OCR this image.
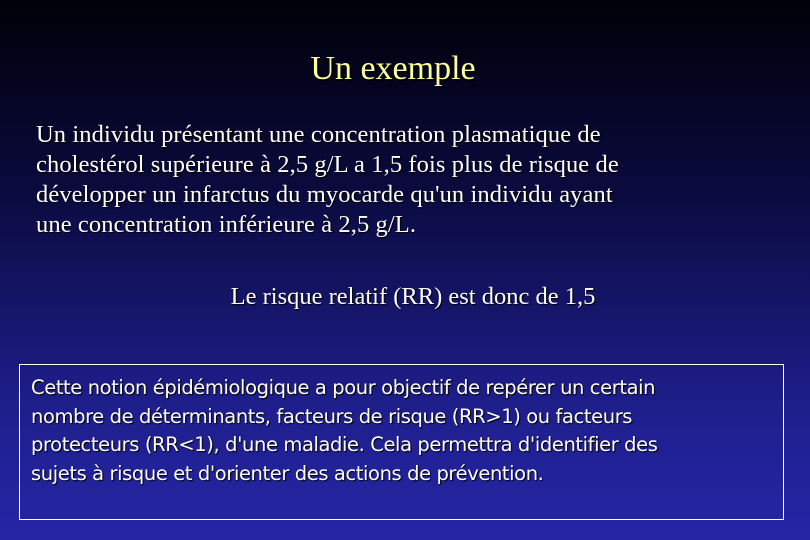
Un exemple

Un individu présentant une concentration plasmatique de
cholestérol supérieure à 2,5 g/L a 1,5 fois plus de risque de
développer un infarctus du myocarde qu'un individu ayant
une concentration inférieure à 2,5 g/L.

Le risque relatif (RR) est donc de 1,5
Cette notion épidémiologique a pour objectif de repérer un certain
nombre de déterminants, facteurs de risque (RR>1) ou facteurs
protecteurs (RR<1), d'une maladie. Cela permettra d'identifier des
sujets à risque et d'orienter des actions de prévention.
